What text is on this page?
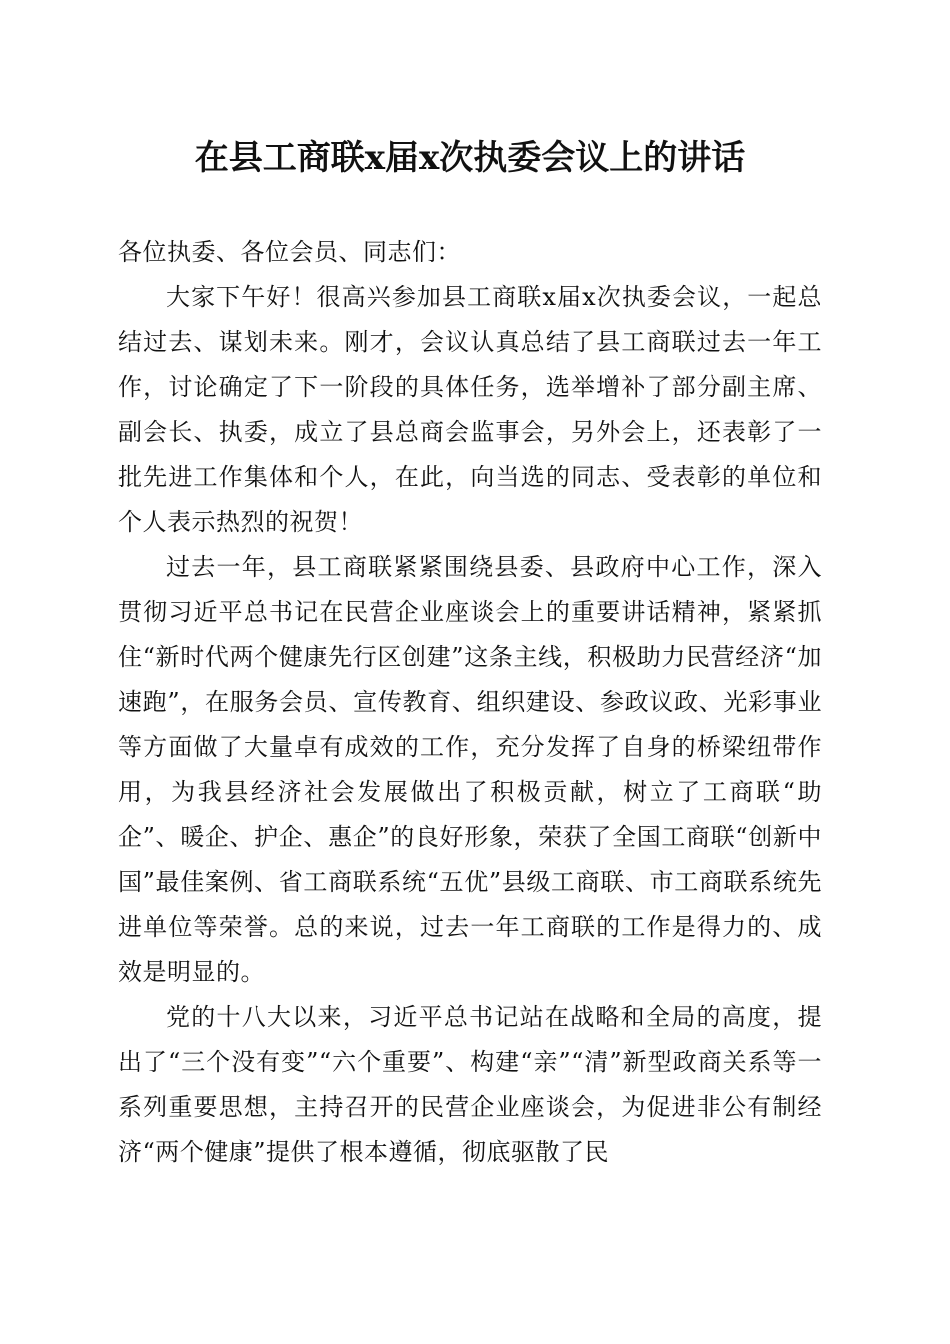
在县工商联x届x次执委会议上的讲话

各位执委、各位会员、同志们：

大家下午好！很高兴参加县工商联x届x次执委会议，一起总结过去、谋划未来。刚才，会议认真总结了县工商联过去一年工作，讨论确定了下一阶段的具体任务，选举增补了部分副主席、副会长、执委，成立了县总商会监事会，另外会上，还表彰了一批先进工作集体和个人，在此，向当选的同志、受表彰的单位和个人表示热烈的祝贺！

过去一年，县工商联紧紧围绕县委、县政府中心工作，深入贯彻习近平总书记在民营企业座谈会上的重要讲话精神，紧紧抓住“新时代两个健康先行区创建”这条主线，积极助力民营经济“加速跑”，在服务会员、宣传教育、组织建设、参政议政、光彩事业等方面做了大量卓有成效的工作，充分发挥了自身的桥梁纽带作用，为我县经济社会发展做出了积极贡献，树立了工商联“助企”、暖企、护企、惠企”的良好形象，荣获了全国工商联“创新中国”最佳案例、省工商联系统“五优”县级工商联、市工商联系统先进单位等荣誉。总的来说，过去一年工商联的工作是得力的、成效是明显的。

党的十八大以来，习近平总书记站在战略和全局的高度，提出了“三个没有变”“六个重要”、构建“亲”“清”新型政商关系等一系列重要思想，主持召开的民营企业座谈会，为促进非公有制经济“两个健康”提供了根本遵循，彻底驱散了民
